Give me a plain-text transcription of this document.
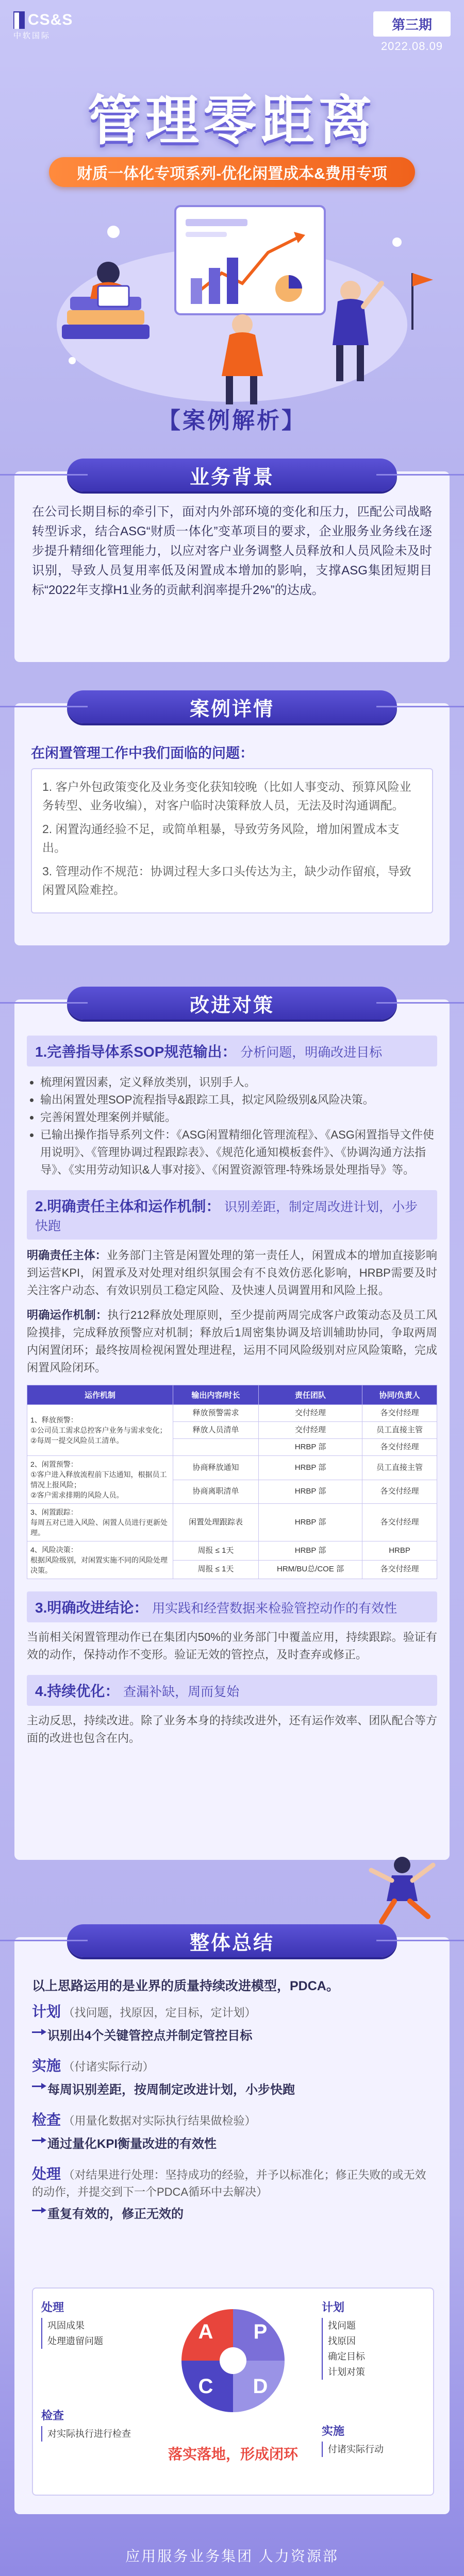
▌ CS&S
中软国际
第三期
2022.08.09
管理零距离
财质一体化专项系列-优化闲置成本&费用专项
【案例解析】
业务背景

在公司长期目标的牵引下，面对内外部环境的变化和压力，匹配公司战略转型诉求，结合ASG“财质一体化”变革项目的要求，企业服务业务线在逐步提升精细化管理能力，以应对客户业务调整人员释放和人员风险未及时识别，导致人员复用率低及闲置成本增加的影响，支撑ASG集团短期目标“2022年支撑H1业务的贡献利润率提升2%”的达成。

案例详情
在闲置管理工作中我们面临的问题：
1. 客户外包政策变化及业务变化获知较晚（比如人事变动、预算风险业务转型、业务收编），对客户临时决策释放人员，无法及时沟通调配。
2. 闲置沟通经验不足，或简单粗暴，导致劳务风险，增加闲置成本支出。
3. 管理动作不规范：协调过程大多口头传达为主，缺少动作留痕，导致闲置风险难控。
改进对策
1.完善指导体系SOP规范输出： 分析问题，明确改进目标
• 梳理闲置因素，定义释放类别，识别手人。
• 输出闲置处理SOP流程指导&跟踪工具，拟定风险级别&风险决策。
• 完善闲置处理案例并赋能。
• 已输出操作指导系列文件：《ASG闲置精细化管理流程》、《ASG闲置指导文件使用说明》、《管理协调过程跟踪表》、《规范化通知模板套件》、《协调沟通方法指导》、《实用劳动知识&人事对接》、《闲置资源管理-特殊场景处理指导》等。
2.明确责任主体和运作机制： 识别差距，制定周改进计划，小步快跑
明确责任主体：业务部门主管是闲置处理的第一责任人，闲置成本的增加直接影响到运营KPI，闲置承及对处理对组织氛围会有不良效仿恶化影响，HRBP需要及时关注客户动态、有效识别员工稳定风险、及快速人员调置用和风险上报。
明确运作机制：执行212释放处理原则，至少提前两周完成客户政策动态及员工风险摸排，完成释放预警应对机制；释放后1周密集协调及培训辅助协同，争取两周内闲置闭环；最终按周检视闲置处理进程，运用不同风险级别对应风险策略，完成闲置风险闭环。
运作机制	输出内容/时长	责任团队	协同/负责人
1、释放预警：
①公司员工需求总控客户业务与需求变化；
②每周一提交风险员工清单。	释放预警需求	交付经理	各交付经理
	释放人员清单	交付经理	员工直接主管
		HRBP 部	各交付经理
2、闲置预警：
①客户进入释放流程前下达通知，根据员工情况上报风险；
②客户需求排期的风险人员。	协商释放通知	HRBP 部	员工直接主管
	协商离职清单	HRBP 部	各交付经理
3、闲置跟踪：
每周五对已进入风险、闲置人员进行更新处理。	闲置处理跟踪表	HRBP 部	各交付经理
4、风险决策：
根据风险级别，对闲置实施不同的风险处理决策。	周报 ≤ 1天	HRBP 部	HRBP
	周报 ≤ 1天	HRM/BU总/COE 部	各交付经理
3.明确改进结论： 用实践和经营数据来检验管控动作的有效性
当前相关闲置管理动作已在集团内50%的业务部门中覆盖应用，持续跟踪。验证有效的动作，保持动作不变形。验证无效的管控点，及时查弃或修正。
4.持续优化： 查漏补缺，周而复始
主动反思，持续改进。除了业务本身的持续改进外，还有运作效率、团队配合等方面的改进也包含在内。
整体总结
以上思路运用的是业界的质量持续改进模型，PDCA。
计划 （找问题，找原因，定目标，定计划）
识别出4个关键管控点并制定管控目标
实施 （付诸实际行动）
每周识别差距，按周制定改进计划，小步快跑
检查 （用量化数据对实际执行结果做检验）
通过量化KPI衡量改进的有效性
处理 （对结果进行处理：坚持成功的经验，并予以标准化；修正失败的或无效的动作，并提交到下一个PDCA循环中去解决）
重复有效的，修正无效的
处理
巩固成果
处理遗留问题
检查
对实际执行进行检查
计划
找问题
找原因
确定目标
计划对策
实施
付诸实际行动
A P
C D
落实落地，形成闭环
应用服务业务集团 人力资源部
